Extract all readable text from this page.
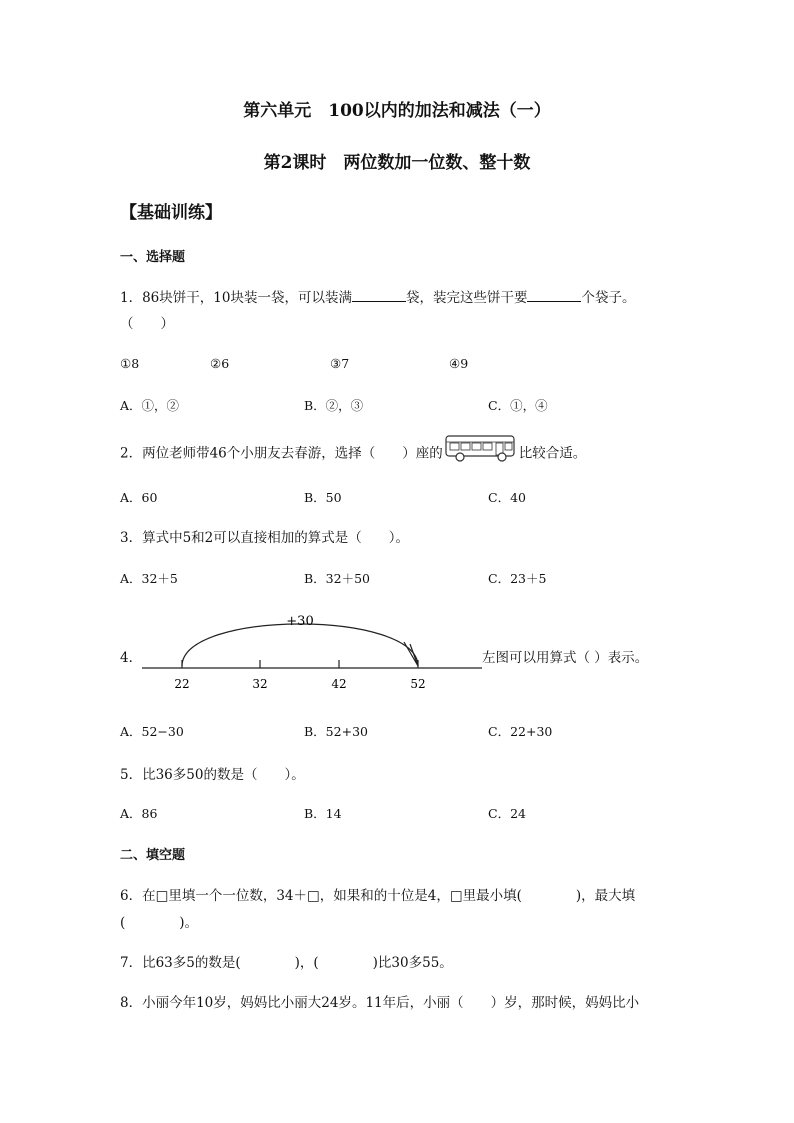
第六单元　100以内的加法和减法（一）
第2课时　两位数加一位数、整十数
【基础训练】
一、选择题
1．86块饼干，10块装一袋，可以装满	袋，装完这些饼干要	个袋子。
（　　）
①8	②6	③7	④9
A．①，②	B．②，③	C．①，④
2．两位老师带46个小朋友去春游，选择（　　）座的	比较合适。
A．60	B．50	C．40
3．算式中5和2可以直接相加的算式是（　　）。
A．32＋5	B．32＋50	C．23＋5
4．
+30
22	32	42	52
左图可以用算式（ ）表示。
A．52−30	B．52+30	C．22+30
5．比36多50的数是（　　）。
A．86	B．14	C．24
二、填空题
6．在□里填一个一位数，34＋□，如果和的十位是4，□里最小填(　　　　)，最大填
(　　　　)。
7．比63多5的数是(　　　　)，(　　　　)比30多55。
8．小丽今年10岁，妈妈比小丽大24岁。11年后，小丽（　　）岁，那时候，妈妈比小
